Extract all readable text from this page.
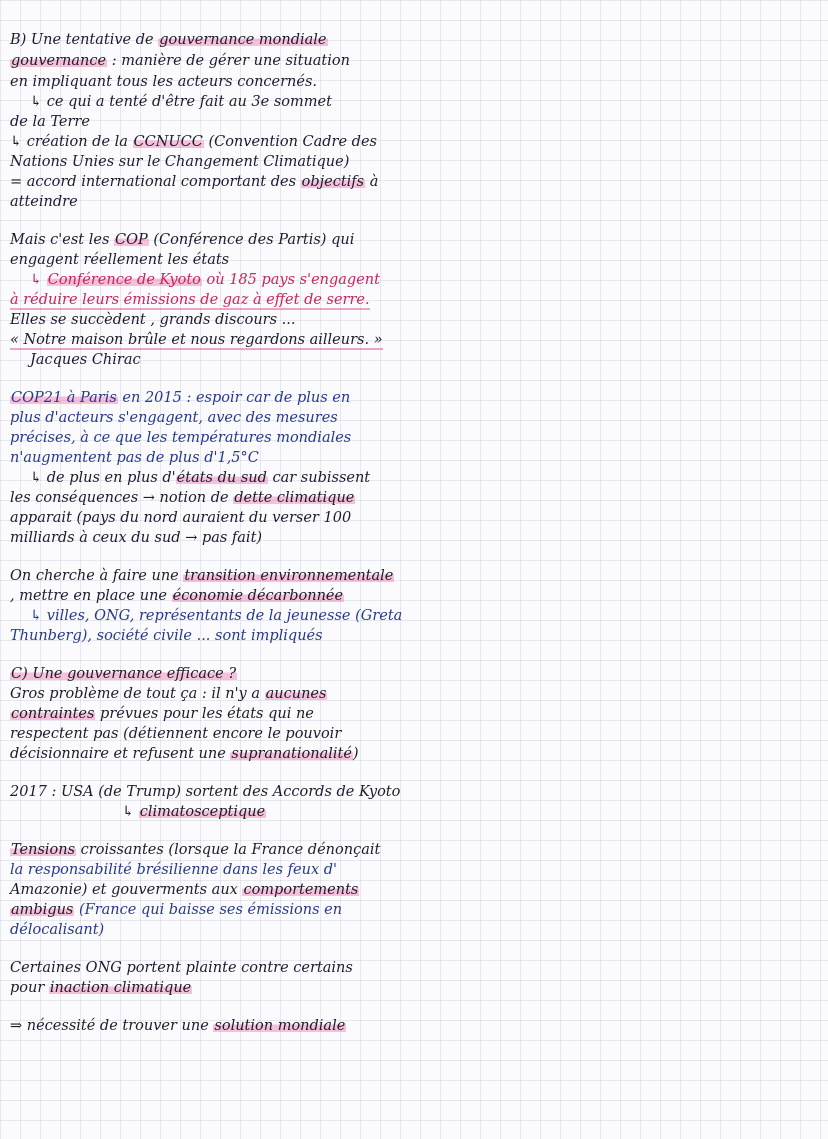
B) Une tentative de gouvernance mondiale
gouvernance : manière de gérer une situation
en impliquant tous les acteurs concernés.
↳ ce qui a tenté d'être fait au 3e sommet
de la Terre
↳ création de la CCNUCC (Convention Cadre des
Nations Unies sur le Changement Climatique)
= accord international comportant des objectifs à
atteindre
Mais c'est les COP (Conférence des Partis) qui
engagent réellement les états
↳ Conférence de Kyoto où 185 pays s'engagent
à réduire leurs émissions de gaz à effet de serre.
Elles se succèdent , grands discours ...
« Notre maison brûle et nous regardons ailleurs. »
Jacques Chirac
COP21 à Paris en 2015 : espoir car de plus en
plus d'acteurs s'engagent, avec des mesures
précises, à ce que les températures mondiales
n'augmentent pas de plus d'1,5°C
↳ de plus en plus d'états du sud car subissent
les conséquences → notion de dette climatique
apparait (pays du nord auraient du verser 100
milliards à ceux du sud → pas fait)
On cherche à faire une transition environnementale
, mettre en place une économie décarbonnée
↳ villes, ONG, représentants de la jeunesse (Greta
Thunberg), société civile ... sont impliqués
C) Une gouvernance efficace ?
Gros problème de tout ça : il n'y a aucunes
contraintes prévues pour les états qui ne
respectent pas (détiennent encore le pouvoir
décisionnaire et refusent une supranationalité)
2017 : USA (de Trump) sortent des Accords de Kyoto
↳ climatosceptique
Tensions croissantes (lorsque la France dénonçait
la responsabilité brésilienne dans les feux d'
Amazonie) et gouverments aux comportements
ambigus (France qui baisse ses émissions en
délocalisant)
Certaines ONG portent plainte contre certains
pour inaction climatique
⇒ nécessité de trouver une solution mondiale
